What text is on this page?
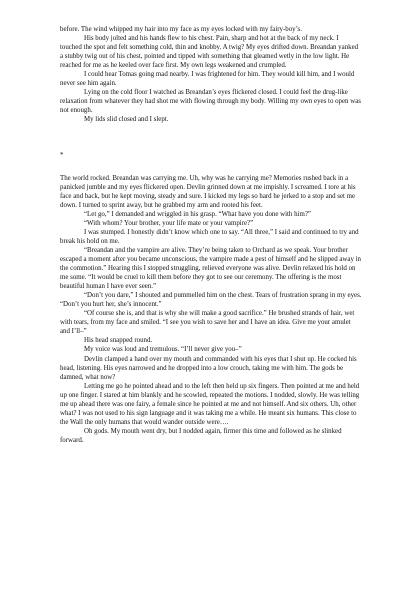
before. The wind whipped my hair into my face as my eyes locked with my fairy-boy’s.

His body jolted and his hands flew to his chest. Pain, sharp and hot at the back of my neck. I touched the spot and felt something cold, thin and knobby. A twig? My eyes drifted down. Breandan yanked a stubby twig out of his chest, pointed and tipped with something that gleamed wetly in the low light. He reached for me as he keeled over face first. My own legs weakened and crumpled.

I could hear Tomas going mad nearby. I was frightened for him. They would kill him, and I would never see him again.

Lying on the cold floor I watched as Breandan’s eyes flickered closed. I could feel the drug-like relaxation from whatever they had shot me with flowing through my body. Willing my own eyes to open was not enough.

My lids slid closed and I slept.

*

The world rocked. Breandan was carrying me. Uh, why was he carrying me? Memories rushed back in a panicked jumble and my eyes flickered open. Devlin grinned down at me impishly. I screamed. I tore at his face and back, but he kept moving, steady and sure. I kicked my legs so hard he jerked to a stop and set me down. I turned to sprint away, but he grabbed my arm and rooted his feet.

“Let go,” I demanded and wriggled in his grasp. “What have you done with him?”

“With whom? Your brother, your life mate or your vampire?”

I was stumped. I honestly didn’t know which one to say. “All three,” I said and continued to try and break his hold on me.

“Breandan and the vampire are alive. They’re being taken to Orchard as we speak. Your brother escaped a moment after you became unconscious, the vampire made a pest of himself and he slipped away in the commotion.” Hearing this I stopped struggling, relieved everyone was alive. Devlin relaxed his hold on me some. “It would be cruel to kill them before they got to see our ceremony. The offering is the most beautiful human I have ever seen.”

“Don’t you dare,” I shouted and pummelled him on the chest. Tears of frustration sprang in my eyes. “Don’t you hurt her, she’s innocent.”

“Of course she is, and that is why she will make a good sacrifice.” He brushed strands of hair, wet with tears, from my face and smiled. “I see you wish to save her and I have an idea. Give me your amulet and I’ll–”

His head snapped round.

My voice was loud and tremulous. “I’ll never give you–”

Devlin clamped a hand over my mouth and commanded with his eyes that I shut up. He cocked his head, listening. His eyes narrowed and he dropped into a low crouch, taking me with him. The gods be damned, what now?

Letting me go he pointed ahead and to the left then held up six fingers. Then pointed at me and held up one finger. I stared at him blankly and he scowled, repeated the motions. I nodded, slowly. He was telling me up ahead there was one fairy, a female since he pointed at me and not himself. And six others. Uh, other what? I was not used to his sign language and it was taking me a while. He meant six humans. This close to the Wall the only humans that would wander outside were….

Oh gods. My mouth went dry, but I nodded again, firmer this time and followed as he slinked forward.
